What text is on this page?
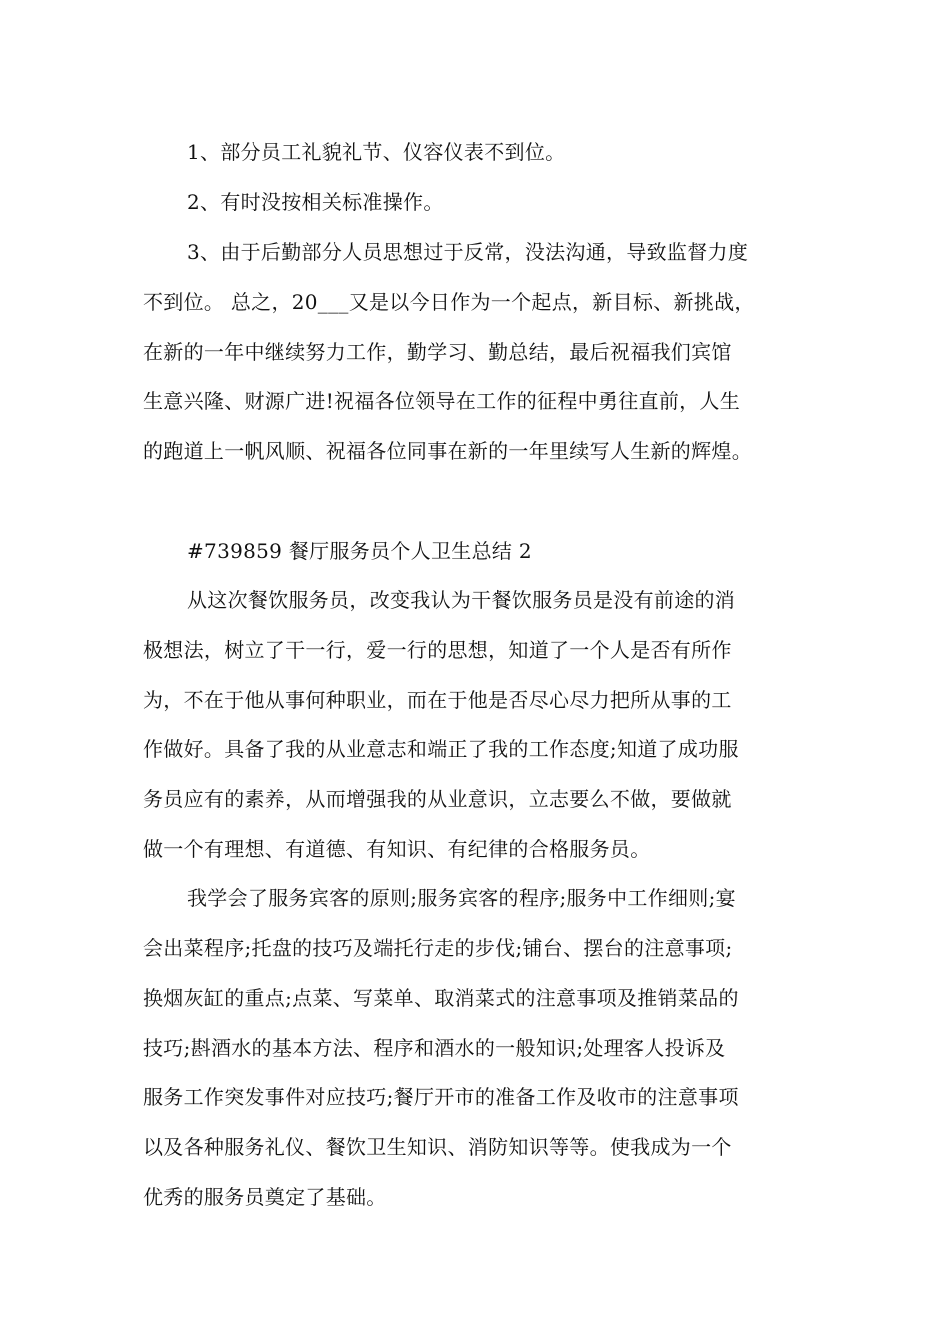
1、部分员工礼貌礼节、仪容仪表不到位。
2、有时没按相关标准操作。
3、由于后勤部分人员思想过于反常，没法沟通，导致监督力度
不到位。 总之，20___又是以今日作为一个起点，新目标、新挑战，
在新的一年中继续努力工作，勤学习、勤总结，最后祝福我们宾馆
生意兴隆、财源广进!祝福各位领导在工作的征程中勇往直前，人生
的跑道上一帆风顺、祝福各位同事在新的一年里续写人生新的辉煌。
#739859 餐厅服务员个人卫生总结 2
从这次餐饮服务员，改变我认为干餐饮服务员是没有前途的消
极想法，树立了干一行，爱一行的思想，知道了一个人是否有所作
为，不在于他从事何种职业，而在于他是否尽心尽力把所从事的工
作做好。具备了我的从业意志和端正了我的工作态度;知道了成功服
务员应有的素养，从而增强我的从业意识，立志要么不做，要做就
做一个有理想、有道德、有知识、有纪律的合格服务员。
我学会了服务宾客的原则;服务宾客的程序;服务中工作细则;宴
会出菜程序;托盘的技巧及端托行走的步伐;铺台、摆台的注意事项;
换烟灰缸的重点;点菜、写菜单、取消菜式的注意事项及推销菜品的
技巧;斟酒水的基本方法、程序和酒水的一般知识;处理客人投诉及
服务工作突发事件对应技巧;餐厅开市的准备工作及收市的注意事项
以及各种服务礼仪、餐饮卫生知识、消防知识等等。使我成为一个
优秀的服务员奠定了基础。
